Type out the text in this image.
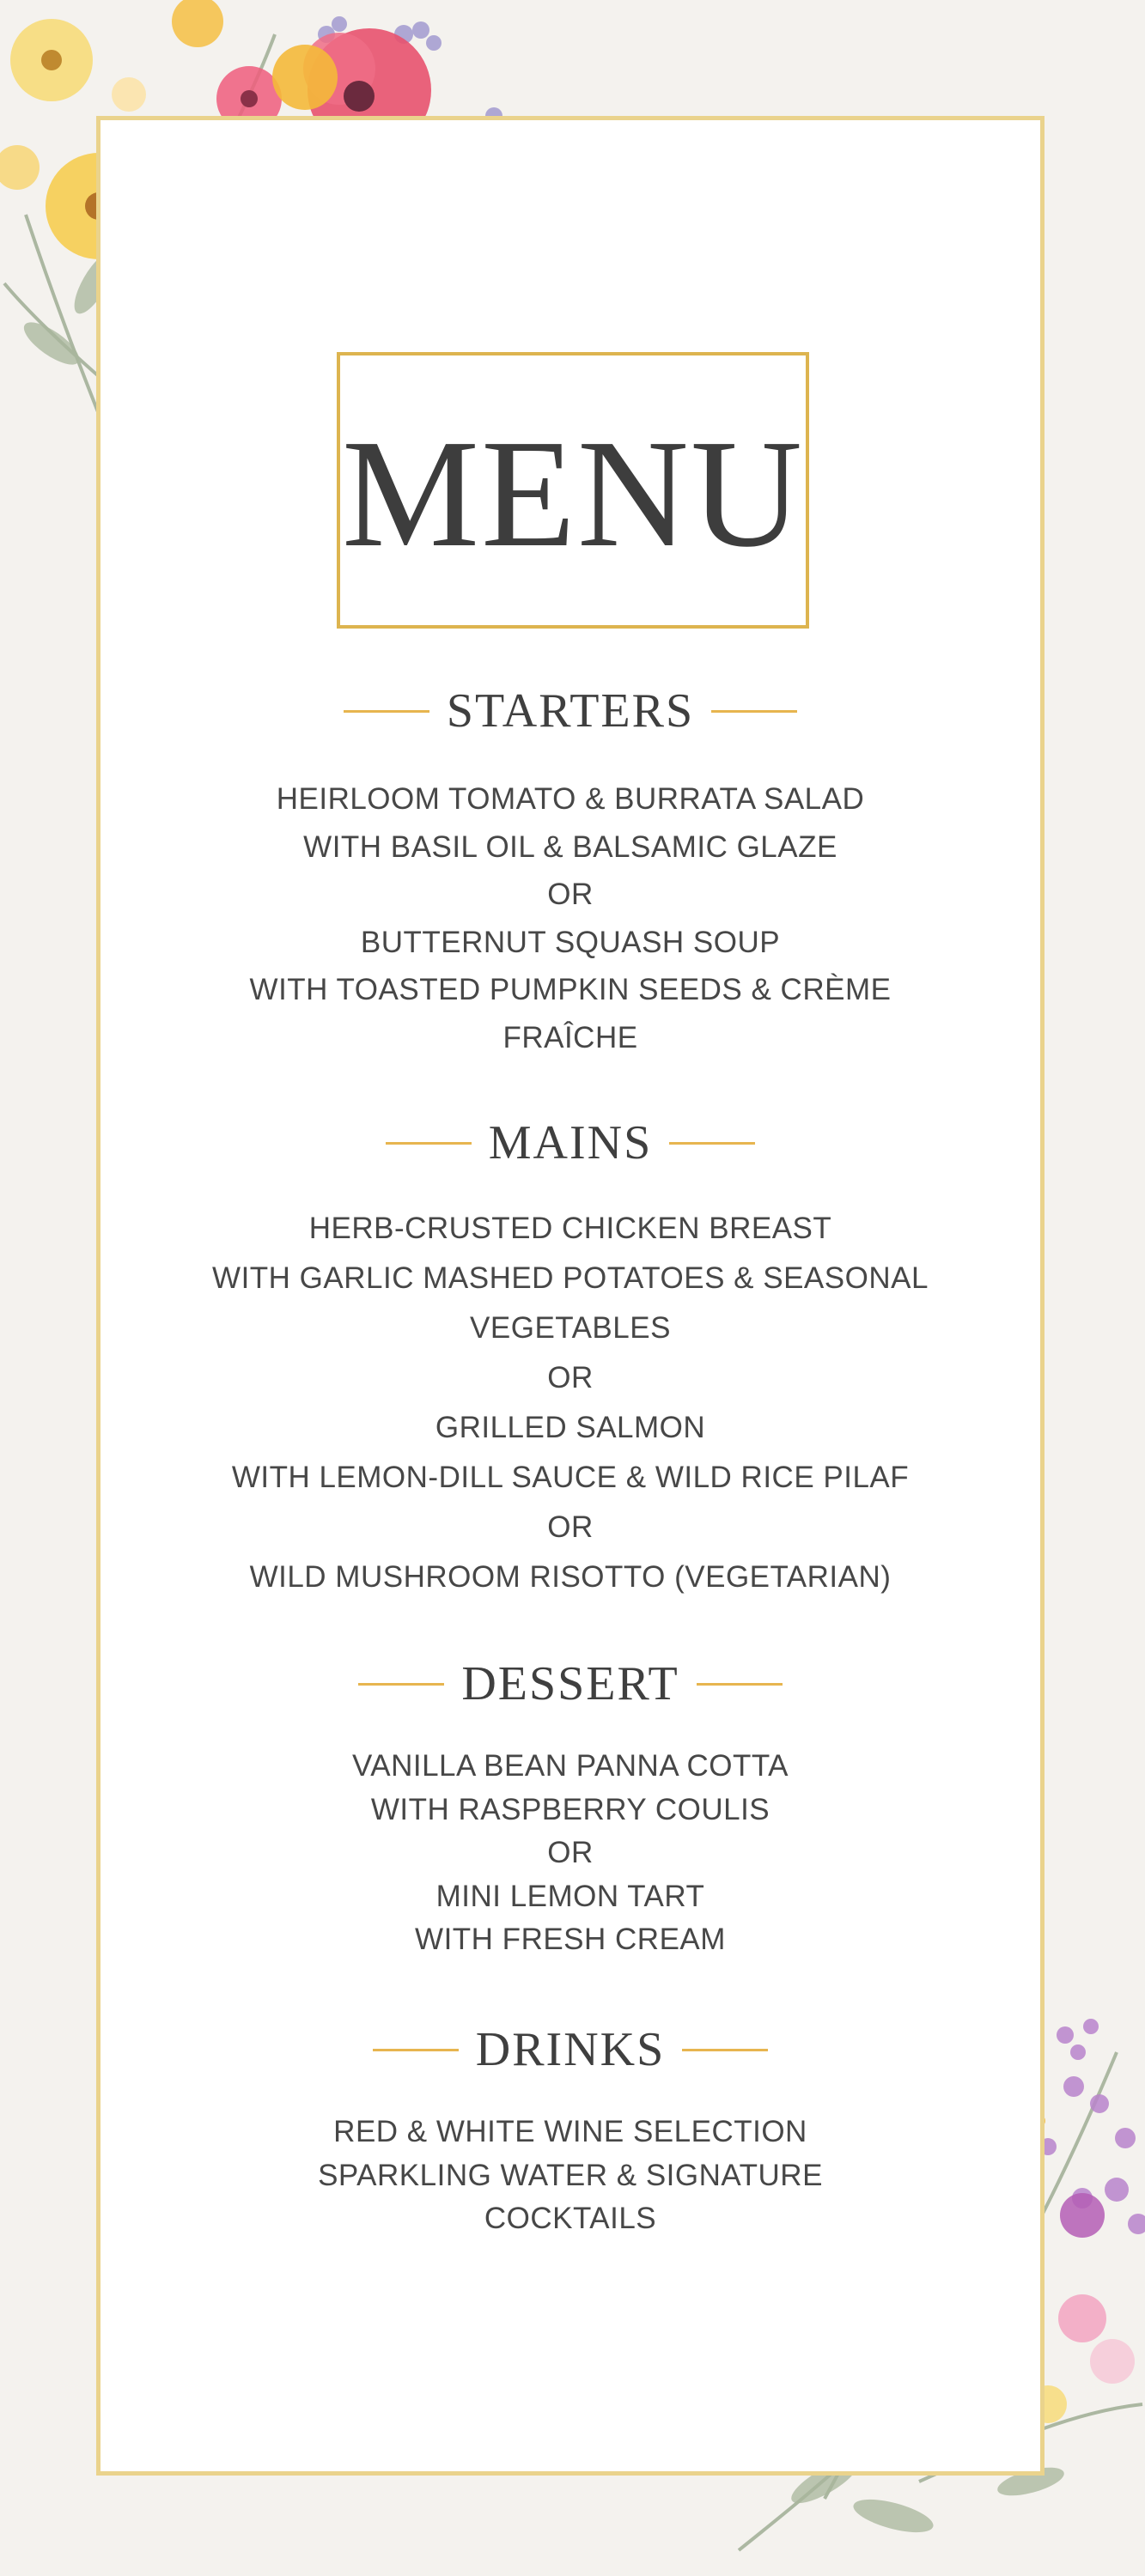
MENU
STARTERS
HEIRLOOM TOMATO & BURRATA SALAD
WITH BASIL OIL & BALSAMIC GLAZE
OR
BUTTERNUT SQUASH SOUP
WITH TOASTED PUMPKIN SEEDS & CRÈME
FRAÎCHE
MAINS
HERB-CRUSTED CHICKEN BREAST
WITH GARLIC MASHED POTATOES & SEASONAL
VEGETABLES
OR
GRILLED SALMON
WITH LEMON-DILL SAUCE & WILD RICE PILAF
OR
WILD MUSHROOM RISOTTO (VEGETARIAN)
DESSERT
VANILLA BEAN PANNA COTTA
WITH RASPBERRY COULIS
OR
MINI LEMON TART
WITH FRESH CREAM
DRINKS
RED & WHITE WINE SELECTION
SPARKLING WATER & SIGNATURE
COCKTAILS
